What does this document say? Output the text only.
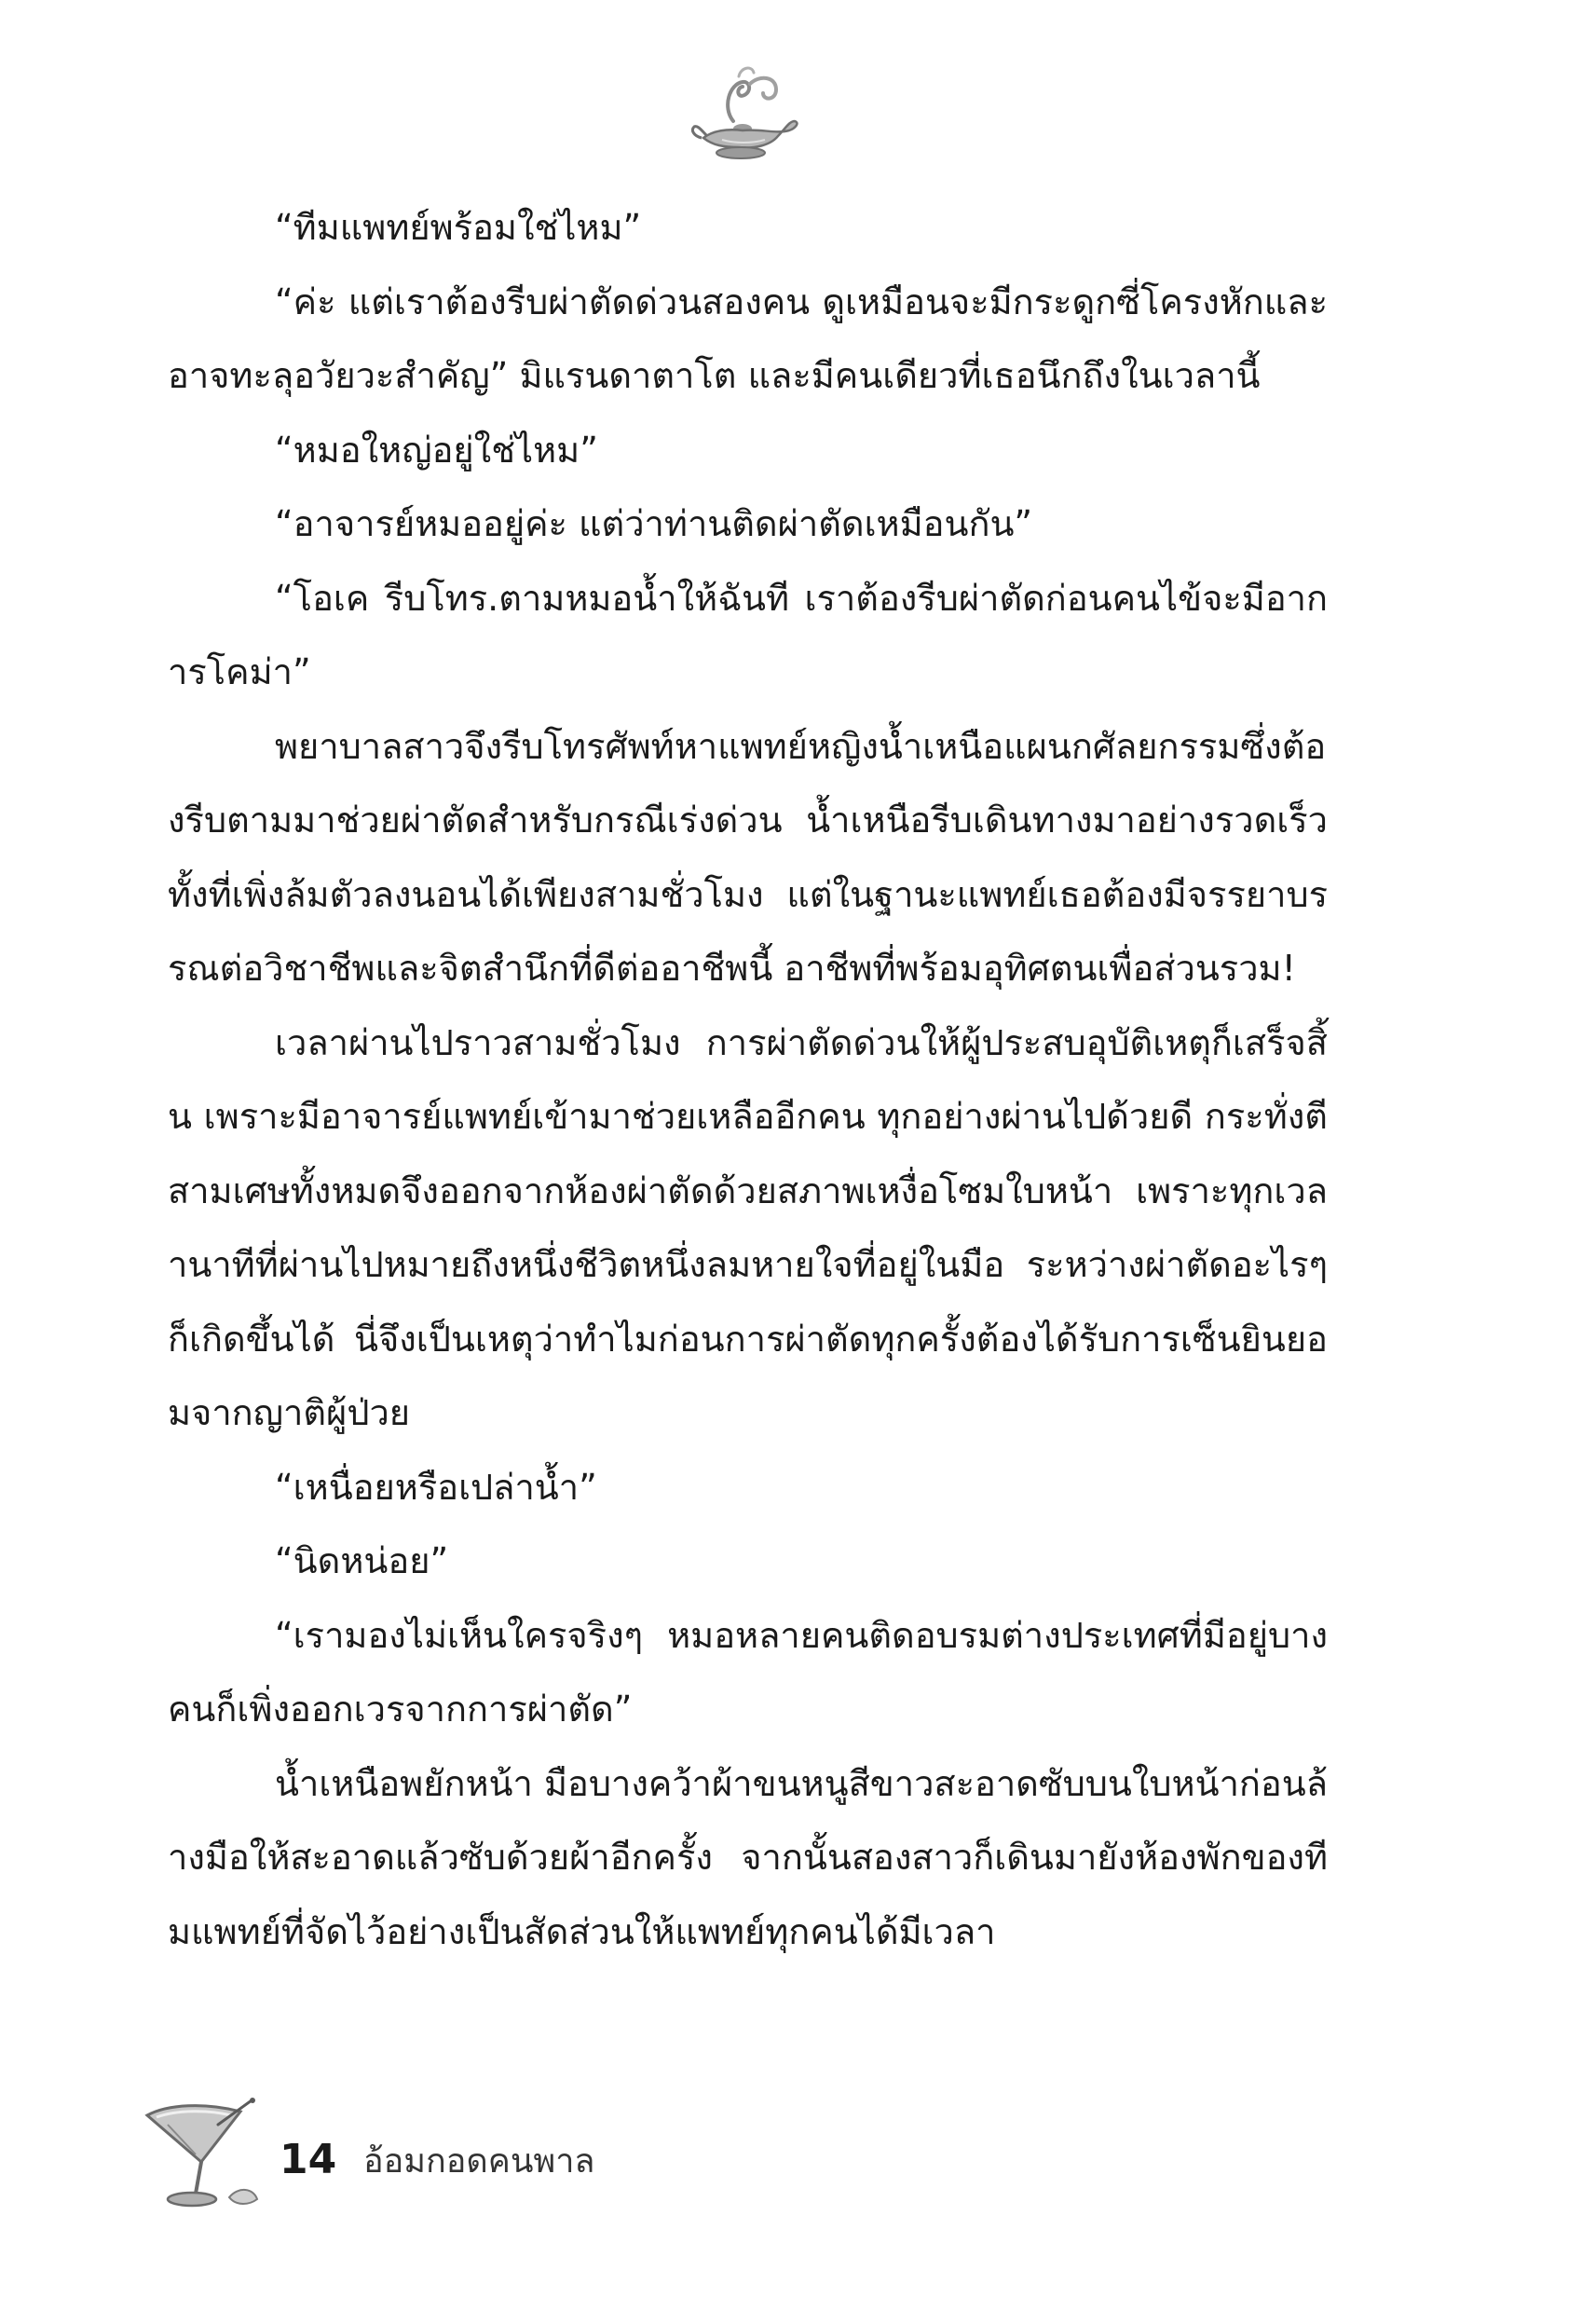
“ทีมแพทย์พร้อมใช่ไหม”

“ค่ะ แต่เราต้องรีบผ่าตัดด่วนสองคน ดูเหมือนจะมีกระดูกซี่โครงหักและอาจทะลุอวัยวะสำคัญ” มิแรนดาตาโต และมีคนเดียวที่เธอนึกถึงในเวลานี้

“หมอใหญ่อยู่ใช่ไหม”

“อาจารย์หมออยู่ค่ะ แต่ว่าท่านติดผ่าตัดเหมือนกัน”

“โอเค รีบโทร.ตามหมอน้ำให้ฉันที เราต้องรีบผ่าตัดก่อนคนไข้จะมีอาการโคม่า”

พยาบาลสาวจึงรีบโทรศัพท์หาแพทย์หญิงน้ำเหนือแผนกศัลยกรรมซึ่งต้องรีบตามมาช่วยผ่าตัดสำหรับกรณีเร่งด่วน น้ำเหนือรีบเดินทางมาอย่างรวดเร็วทั้งที่เพิ่งล้มตัวลงนอนได้เพียงสามชั่วโมง แต่ในฐานะแพทย์เธอต้องมีจรรยาบรรณต่อวิชาชีพและจิตสำนึกที่ดีต่ออาชีพนี้ อาชีพที่พร้อมอุทิศตนเพื่อส่วนรวม!

เวลาผ่านไปราวสามชั่วโมง การผ่าตัดด่วนให้ผู้ประสบอุบัติเหตุก็เสร็จสิ้น เพราะมีอาจารย์แพทย์เข้ามาช่วยเหลืออีกคน ทุกอย่างผ่านไปด้วยดี กระทั่งตีสามเศษทั้งหมดจึงออกจากห้องผ่าตัดด้วยสภาพเหงื่อโซมใบหน้า เพราะทุกเวลานาทีที่ผ่านไปหมายถึงหนึ่งชีวิตหนึ่งลมหายใจที่อยู่ในมือ ระหว่างผ่าตัดอะไรๆ ก็เกิดขึ้นได้ นี่จึงเป็นเหตุว่าทำไมก่อนการผ่าตัดทุกครั้งต้องได้รับการเซ็นยินยอมจากญาติผู้ป่วย

“เหนื่อยหรือเปล่าน้ำ”

“นิดหน่อย”

“เรามองไม่เห็นใครจริงๆ หมอหลายคนติดอบรมต่างประเทศที่มีอยู่บางคนก็เพิ่งออกเวรจากการผ่าตัด”

น้ำเหนือพยักหน้า มือบางคว้าผ้าขนหนูสีขาวสะอาดซับบนใบหน้าก่อนล้างมือให้สะอาดแล้วซับด้วยผ้าอีกครั้ง จากนั้นสองสาวก็เดินมายังห้องพักของทีมแพทย์ที่จัดไว้อย่างเป็นสัดส่วนให้แพทย์ทุกคนได้มีเวลา

14 อ้อมกอดคนพาล
